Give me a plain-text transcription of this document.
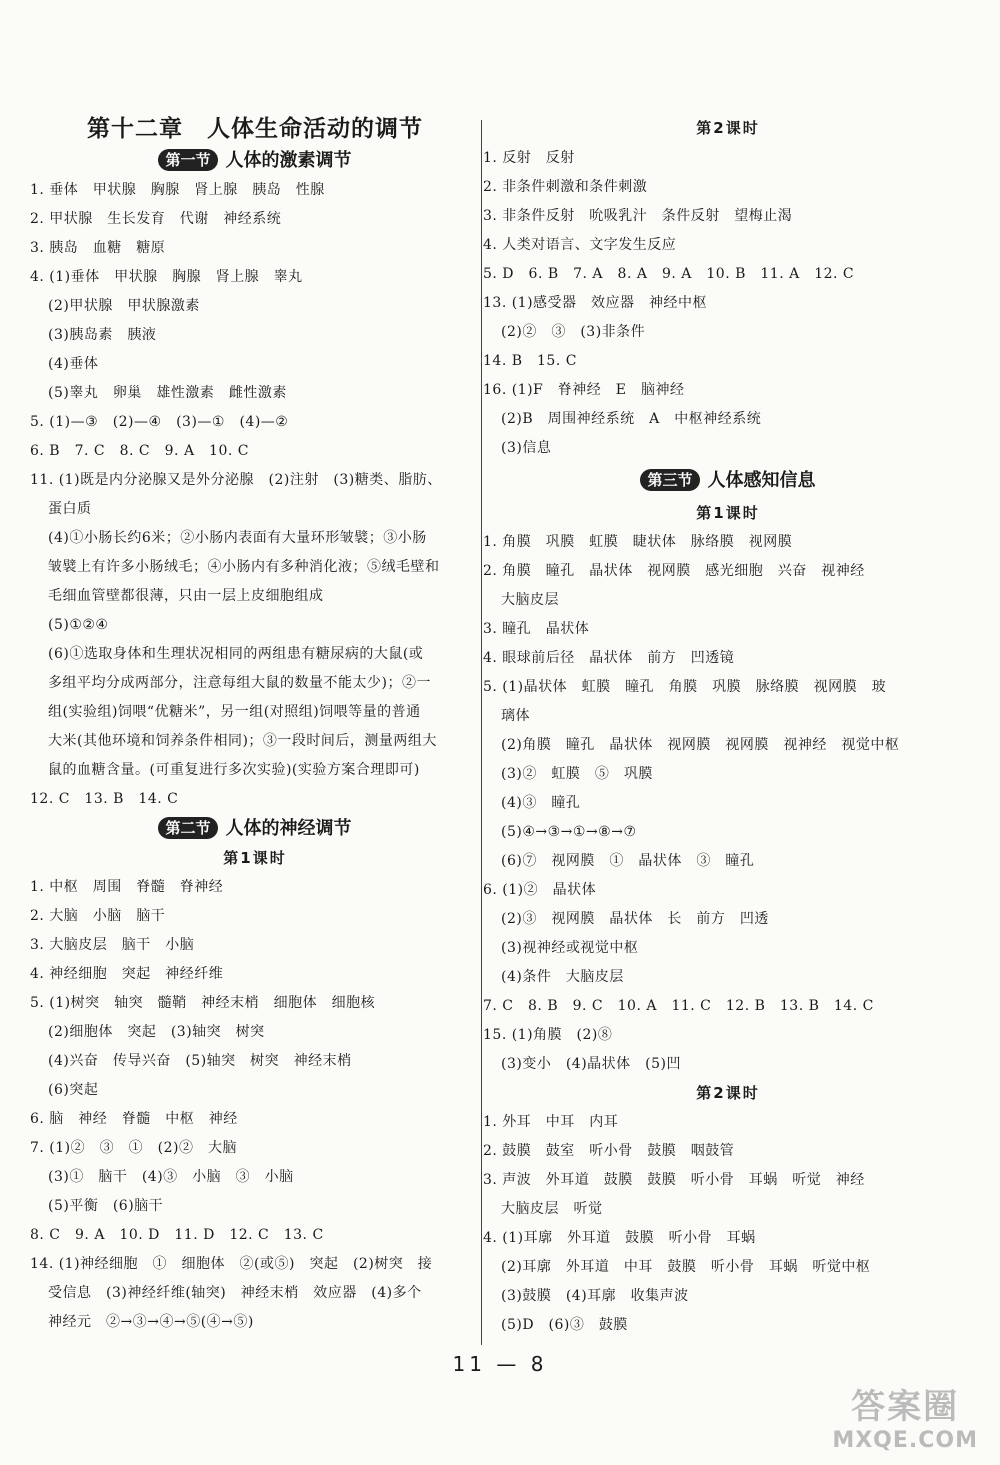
第十二章　人体生命活动的调节
第一节 人体的激素调节
1. 垂体　甲状腺　胸腺　肾上腺　胰岛　性腺
2. 甲状腺　生长发育　代谢　神经系统
3. 胰岛　血糖　糖原
4. (1)垂体　甲状腺　胸腺　肾上腺　睾丸
(2)甲状腺　甲状腺激素
(3)胰岛素　胰液
(4)垂体
(5)睾丸　卵巢　雄性激素　雌性激素
5. (1)—③　(2)—④　(3)—①　(4)—②
6. B　7. C　8. C　9. A　10. C
11. (1)既是内分泌腺又是外分泌腺　(2)注射　(3)糖类、脂肪、
蛋白质
(4)①小肠长约6米；②小肠内表面有大量环形皱襞；③小肠
皱襞上有许多小肠绒毛；④小肠内有多种消化液；⑤绒毛壁和
毛细血管壁都很薄，只由一层上皮细胞组成
(5)①②④
(6)①选取身体和生理状况相同的两组患有糖尿病的大鼠(或
多组平均分成两部分，注意每组大鼠的数量不能太少)；②一
组(实验组)饲喂“优糖米”，另一组(对照组)饲喂等量的普通
大米(其他环境和饲养条件相同)；③一段时间后，测量两组大
鼠的血糖含量。(可重复进行多次实验)(实验方案合理即可)
12. C　13. B　14. C
第二节 人体的神经调节
第1课时
1. 中枢　周围　脊髓　脊神经
2. 大脑　小脑　脑干
3. 大脑皮层　脑干　小脑
4. 神经细胞　突起　神经纤维
5. (1)树突　轴突　髓鞘　神经末梢　细胞体　细胞核
(2)细胞体　突起　(3)轴突　树突
(4)兴奋　传导兴奋　(5)轴突　树突　神经末梢
(6)突起
6. 脑　神经　脊髓　中枢　神经
7. (1)②　③　①　(2)②　大脑
(3)①　脑干　(4)③　小脑　③　小脑
(5)平衡　(6)脑干
8. C　9. A　10. D　11. D　12. C　13. C
14. (1)神经细胞　①　细胞体　②(或⑤)　突起　(2)树突　接
受信息　(3)神经纤维(轴突)　神经末梢　效应器　(4)多个
神经元　②→③→④→⑤(④→⑤)
第2课时
1. 反射　反射
2. 非条件刺激和条件刺激
3. 非条件反射　吮吸乳汁　条件反射　望梅止渴
4. 人类对语言、文字发生反应
5. D　6. B　7. A　8. A　9. A　10. B　11. A　12. C
13. (1)感受器　效应器　神经中枢
(2)②　③　(3)非条件
14. B　15. C
16. (1)F　脊神经　E　脑神经
(2)B　周围神经系统　A　中枢神经系统
(3)信息
第三节 人体感知信息
第1课时
1. 角膜　巩膜　虹膜　睫状体　脉络膜　视网膜
2. 角膜　瞳孔　晶状体　视网膜　感光细胞　兴奋　视神经
大脑皮层
3. 瞳孔　晶状体
4. 眼球前后径　晶状体　前方　凹透镜
5. (1)晶状体　虹膜　瞳孔　角膜　巩膜　脉络膜　视网膜　玻
璃体
(2)角膜　瞳孔　晶状体　视网膜　视网膜　视神经　视觉中枢
(3)②　虹膜　⑤　巩膜
(4)③　瞳孔
(5)④→③→①→⑧→⑦
(6)⑦　视网膜　①　晶状体　③　瞳孔
6. (1)②　晶状体
(2)③　视网膜　晶状体　长　前方　凹透
(3)视神经或视觉中枢
(4)条件　大脑皮层
7. C　8. B　9. C　10. A　11. C　12. B　13. B　14. C
15. (1)角膜　(2)⑧
(3)变小　(4)晶状体　(5)凹
第2课时
1. 外耳　中耳　内耳
2. 鼓膜　鼓室　听小骨　鼓膜　咽鼓管
3. 声波　外耳道　鼓膜　鼓膜　听小骨　耳蜗　听觉　神经
大脑皮层　听觉
4. (1)耳廓　外耳道　鼓膜　听小骨　耳蜗
(2)耳廓　外耳道　中耳　鼓膜　听小骨　耳蜗　听觉中枢
(3)鼓膜　(4)耳廓　收集声波
(5)D　(6)③　鼓膜
11 — 8
答案圈
MXQE.COM
